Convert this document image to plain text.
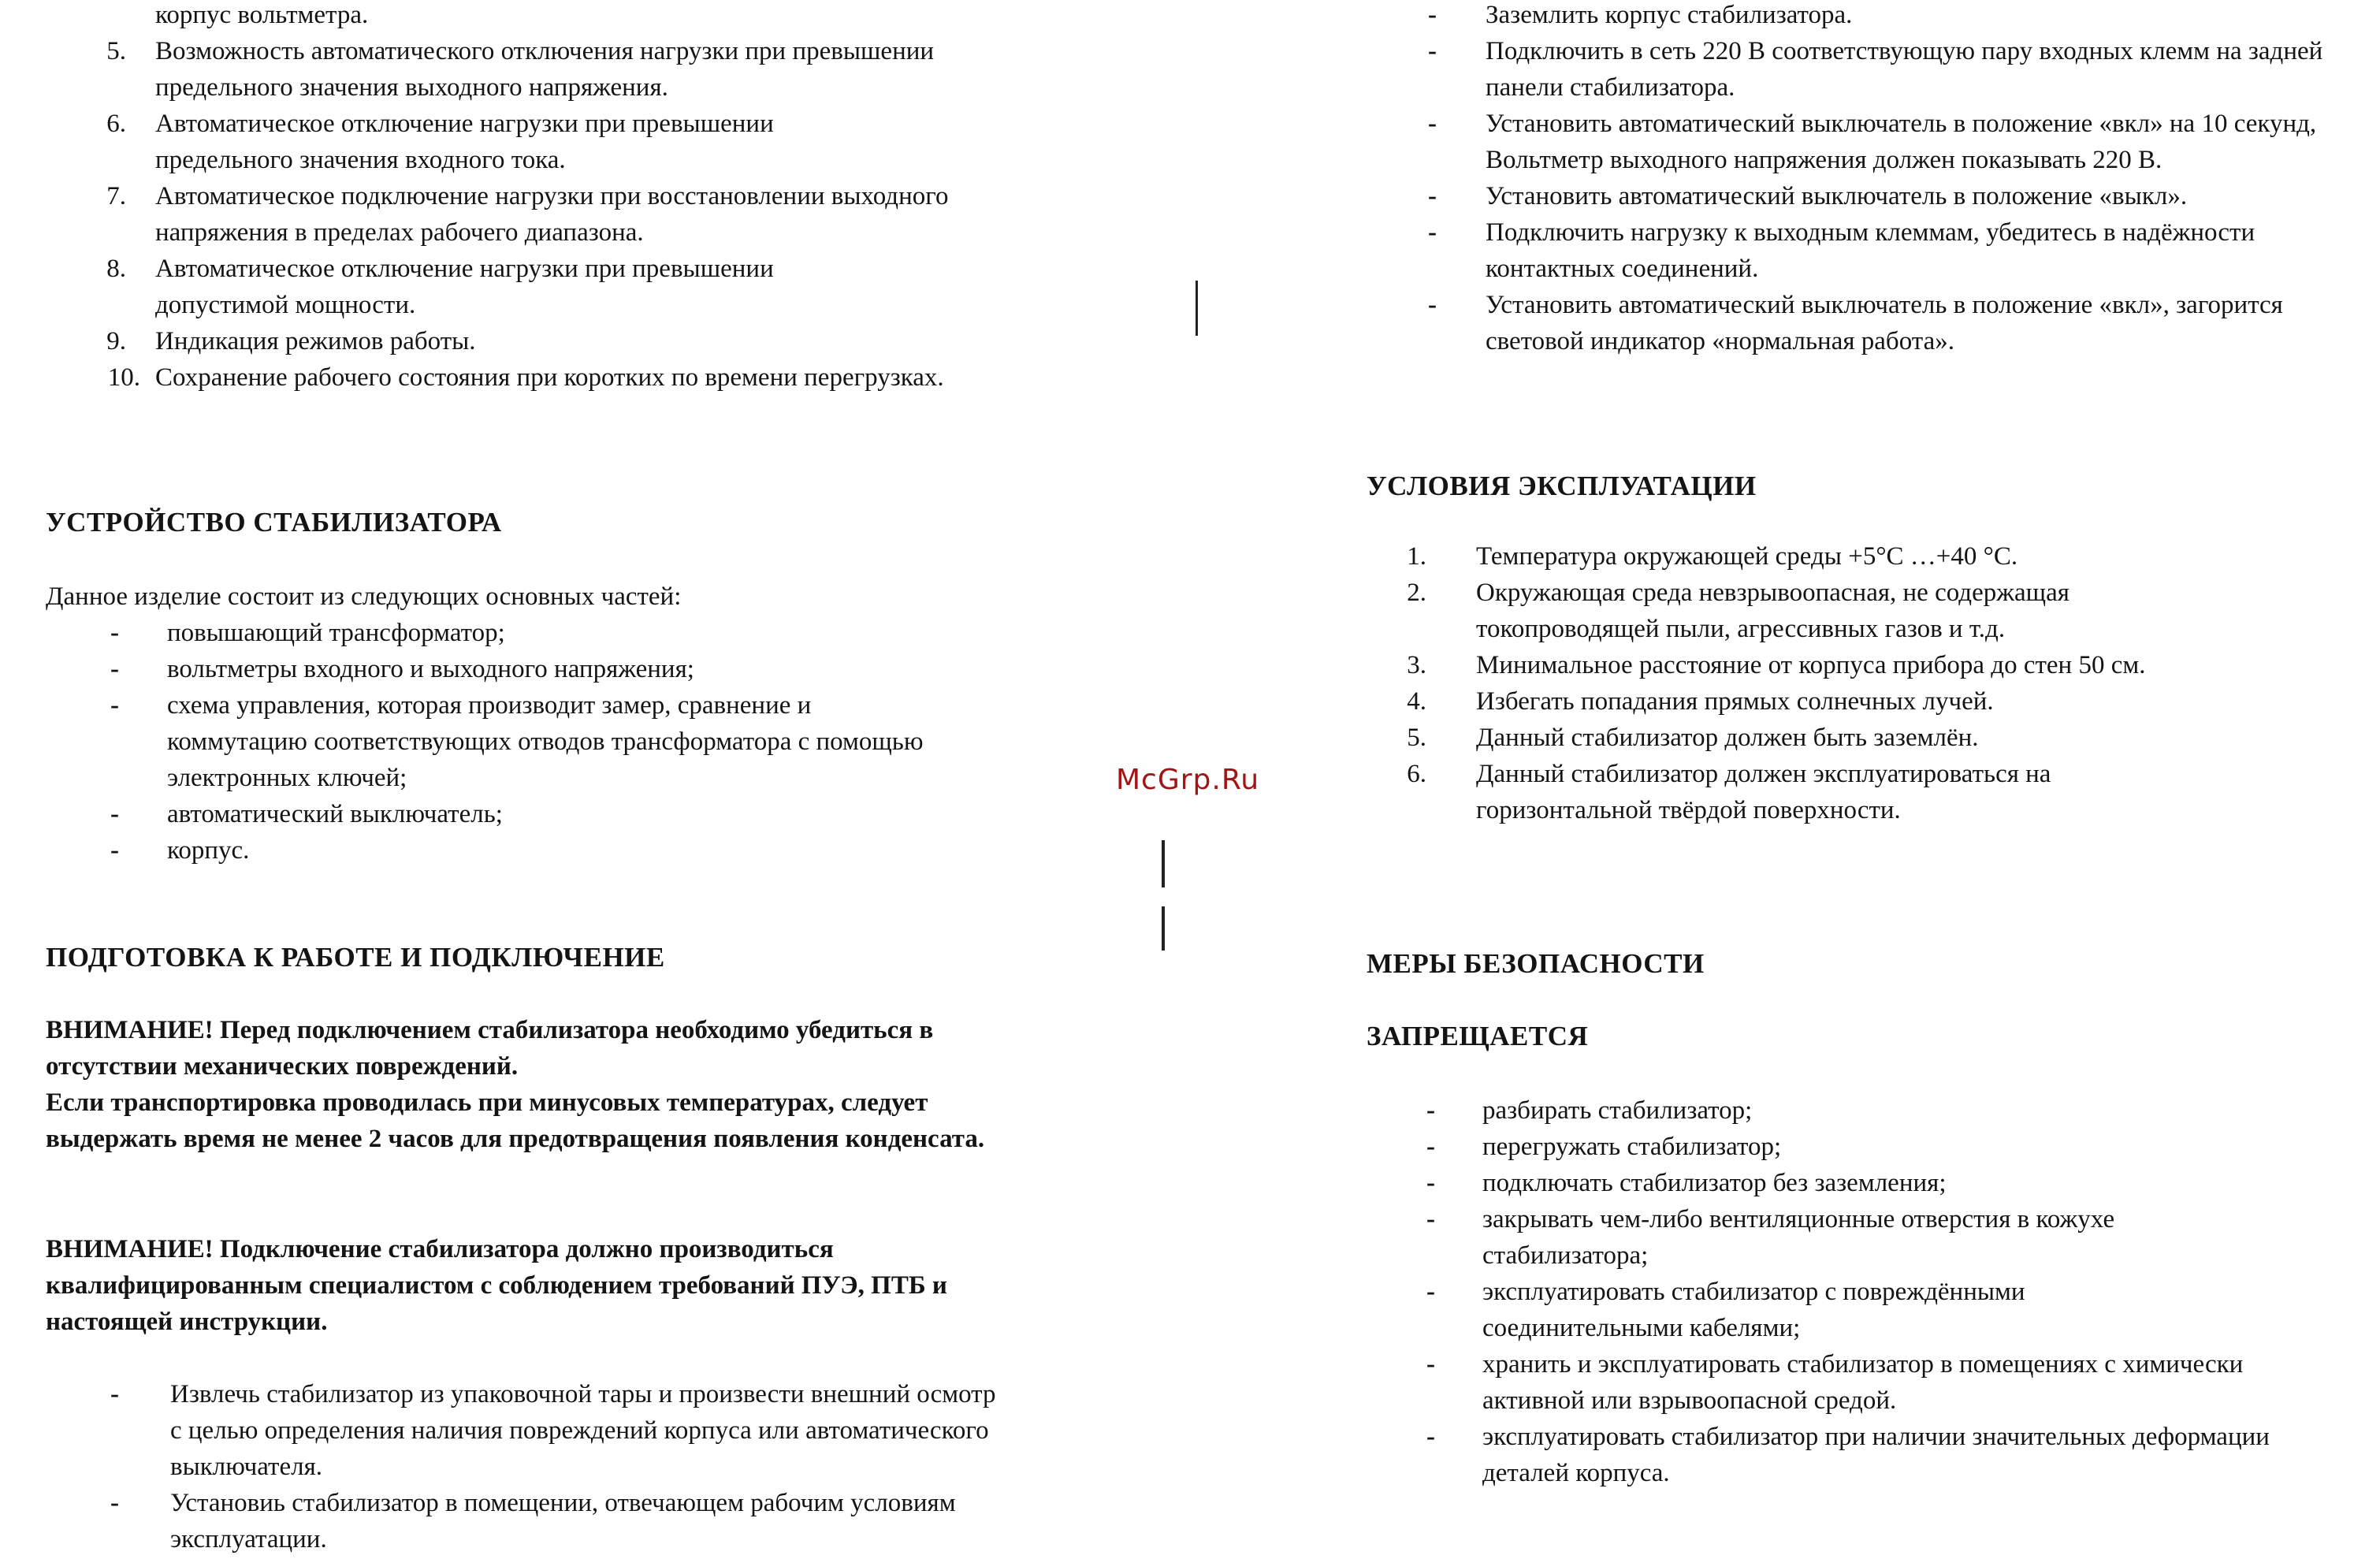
корпус вольтметра.
5. Возможность автоматического отключения нагрузки при превышении предельного значения выходного напряжения.
6. Автоматическое отключение нагрузки при превышении предельного значения входного тока.
7. Автоматическое подключение нагрузки при восстановлении выходного напряжения в пределах рабочего диапазона.
8. Автоматическое отключение нагрузки при превышении допустимой мощности.
9. Индикация режимов работы.
10. Сохранение рабочего состояния при коротких по времени перегрузках.
УСТРОЙСТВО СТАБИЛИЗАТОРА
Данное изделие состоит из следующих основных частей:
- повышающий трансформатор;
- вольтметры входного и выходного напряжения;
- схема управления, которая производит замер, сравнение и коммутацию соответствующих отводов трансформатора с помощью электронных ключей;
- автоматический выключатель;
- корпус.
ПОДГОТОВКА К РАБОТЕ И ПОДКЛЮЧЕНИЕ
ВНИМАНИЕ! Перед подключением стабилизатора необходимо убедиться в отсутствии механических повреждений.
Если транспортировка проводилась при минусовых температурах, следует выдержать время не менее 2 часов для предотвращения появления конденсата.
ВНИМАНИЕ! Подключение стабилизатора должно производиться квалифицированным специалистом с соблюдением требований ПУЭ, ПТБ и настоящей инструкции.
- Извлечь стабилизатор из упаковочной тары и произвести внешний осмотр с целью определения наличия повреждений корпуса или автоматического выключателя.
- Установиь стабилизатор в помещении, отвечающем рабочим условиям эксплуатации.
McGrp.Ru
- Заземлить корпус стабилизатора.
- Подключить в сеть 220 В соответствующую пару входных клемм на задней панели стабилизатора.
- Установить автоматический выключатель в положение «вкл» на 10 секунд,
Вольтметр выходного напряжения должен показывать 220 В.
- Установить автоматический выключатель в положение «выкл».
- Подключить нагрузку к выходным клеммам, убедитесь в надёжности контактных соединений.
- Установить автоматический выключатель в положение «вкл», загорится световой индикатор «нормальная работа».
УСЛОВИЯ ЭКСПЛУАТАЦИИ
1. Температура окружающей среды +5°С …+40 °С.
2. Окружающая среда невзрывоопасная, не содержащая токопроводящей пыли, агрессивных газов и т.д.
3. Минимальное расстояние от корпуса прибора до стен 50 см.
4. Избегать попадания прямых солнечных лучей.
5. Данный стабилизатор должен быть заземлён.
6. Данный стабилизатор должен эксплуатироваться на горизонтальной твёрдой поверхности.
МЕРЫ БЕЗОПАСНОСТИ
ЗАПРЕЩАЕТСЯ
- разбирать стабилизатор;
- перегружать стабилизатор;
- подключать стабилизатор без заземления;
- закрывать чем-либо вентиляционные отверстия в кожухе стабилизатора;
- эксплуатировать стабилизатор с повреждёнными соединительными кабелями;
- хранить и эксплуатировать стабилизатор в помещениях с химически активной или взрывоопасной средой.
- эксплуатировать стабилизатор при наличии значительных деформации деталей корпуса.
